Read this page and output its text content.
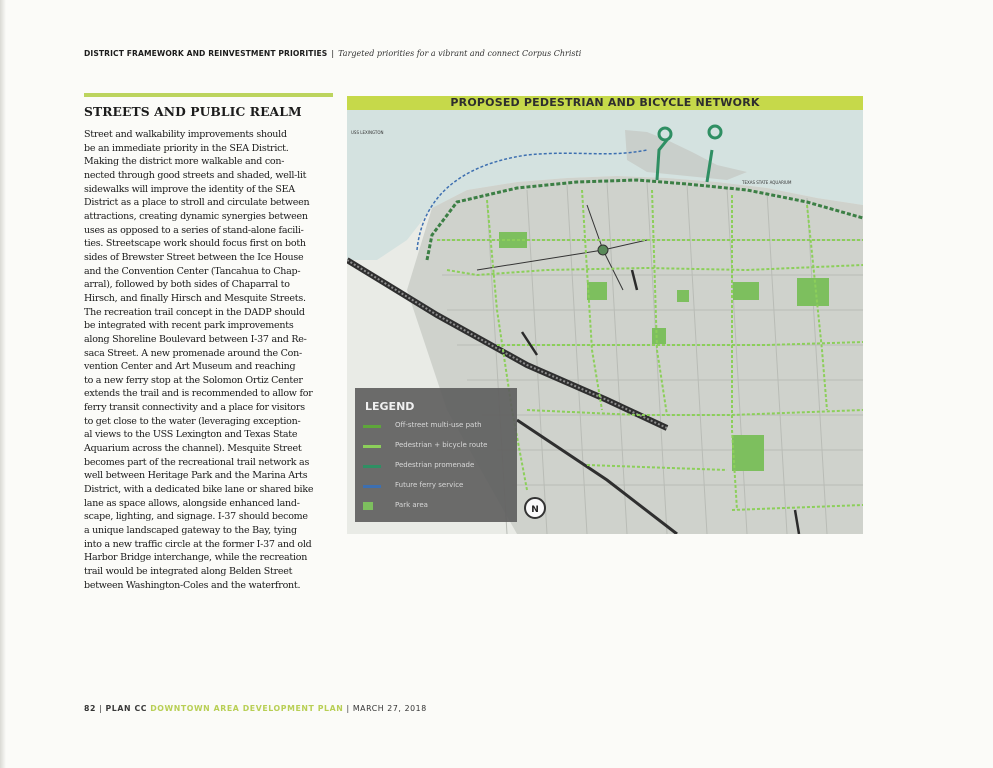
DISTRICT FRAMEWORK AND REINVESTMENT PRIORITIES | Targeted priorities for a vibrant and connect Corpus Christi
STREETS AND PUBLIC REALM
Street and walkability improvements should
be an immediate priority in the SEA District.
Making the district more walkable and con-
nected through good streets and shaded, well-lit
sidewalks will improve the identity of the SEA
District as a place to stroll and circulate between
attractions, creating dynamic synergies between
uses as opposed to a series of stand-alone facili-
ties. Streetscape work should focus first on both
sides of Brewster Street between the Ice House
and the Convention Center (Tancahua to Chap-
arral), followed by both sides of Chaparral to
Hirsch, and finally Hirsch and Mesquite Streets.
The recreation trail concept in the DADP should
be integrated with recent park improvements
along Shoreline Boulevard between I-37 and Re-
saca Street. A new promenade around the Con-
vention Center and Art Museum and reaching
to a new ferry stop at the Solomon Ortiz Center
extends the trail and is recommended to allow for
ferry transit connectivity and a place for visitors
to get close to the water (leveraging exception-
al views to the USS Lexington and Texas State
Aquarium across the channel). Mesquite Street
becomes part of the recreational trail network as
well between Heritage Park and the Marina Arts
District, with a dedicated bike lane or shared bike
lane as space allows, alongside enhanced land-
scape, lighting, and signage. I-37 should become
a unique landscaped gateway to the Bay, tying
into a new traffic circle at the former I-37 and old
Harbor Bridge interchange, while the recreation
trail would be integrated along Belden Street
between Washington-Coles and the waterfront.
PROPOSED PEDESTRIAN AND BICYCLE NETWORK
USS LEXINGTON
TEXAS STATE AQUARIUM
LEGEND
Off-street multi-use path
Pedestrian + bicycle route
Pedestrian promenade
Future ferry service
Park area	N
82 | PLAN CC DOWNTOWN AREA DEVELOPMENT PLAN | MARCH 27, 2018
